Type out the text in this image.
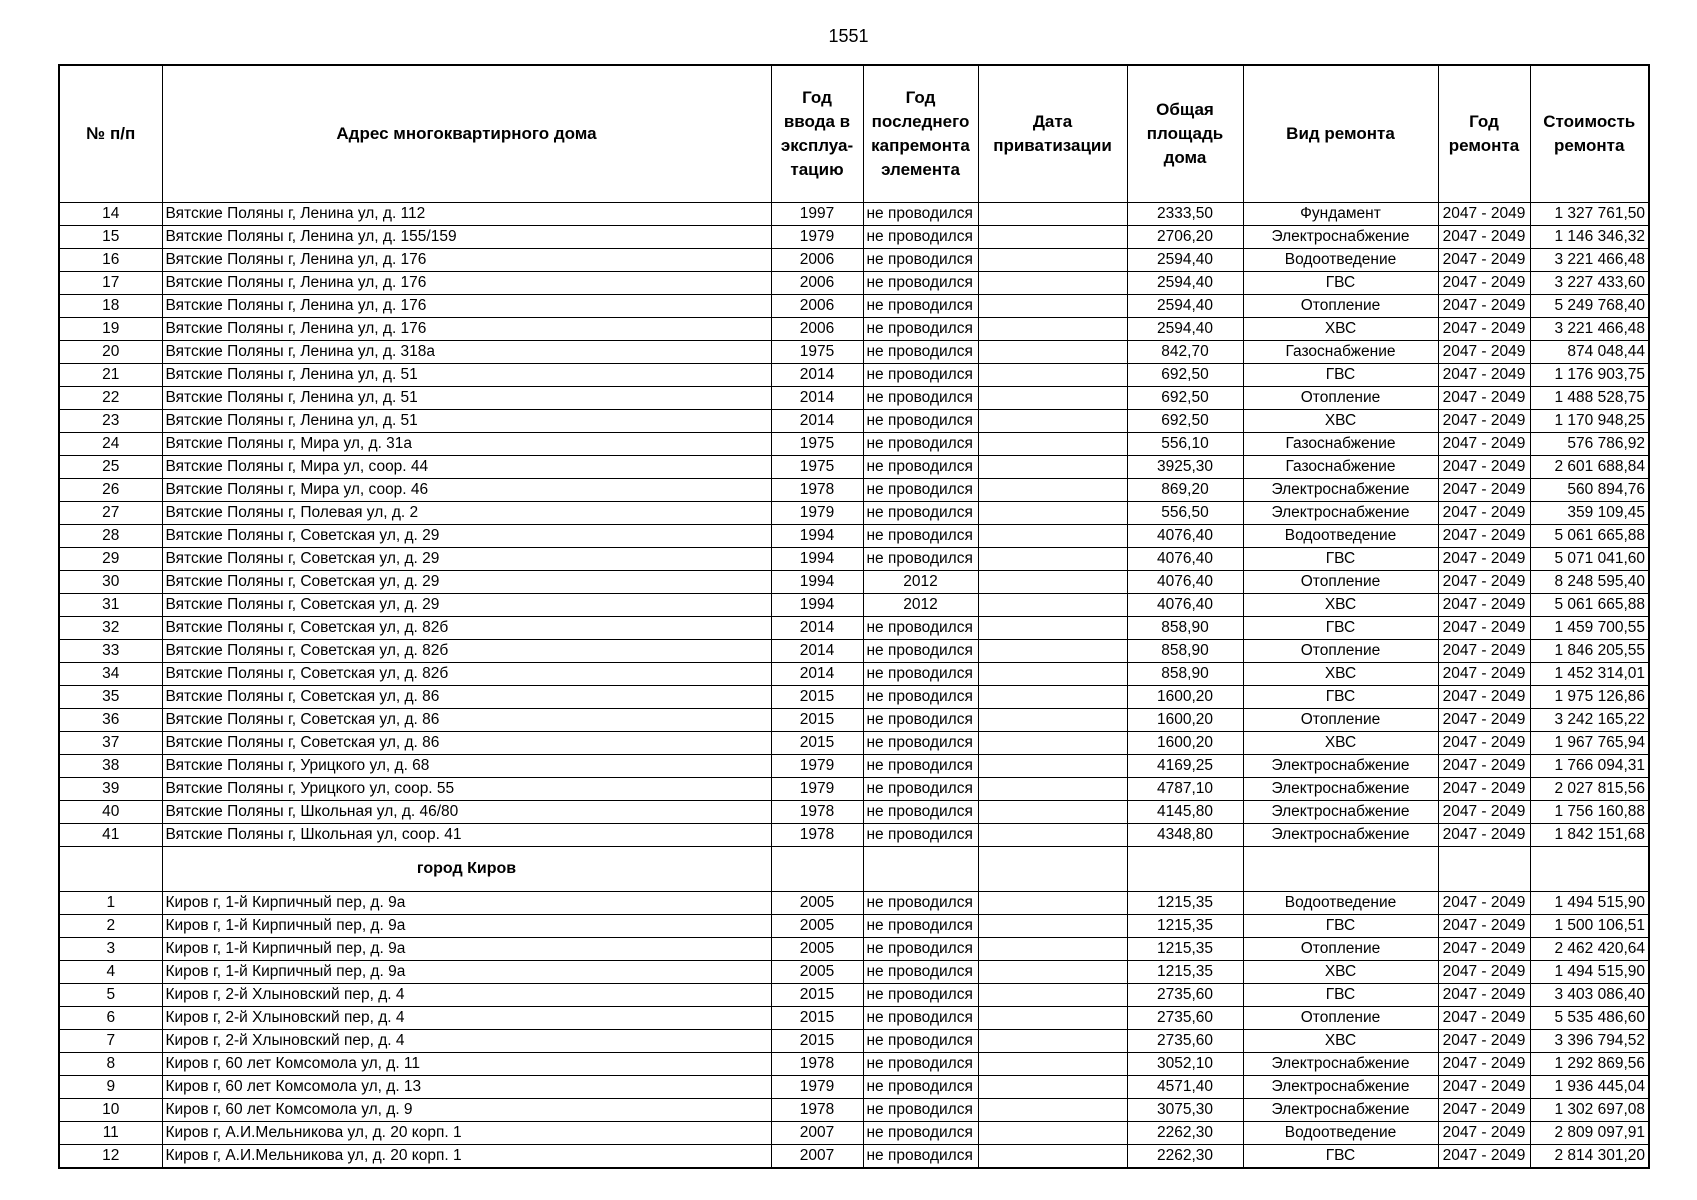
1551
№ п/п	Адрес многоквартирного дома	Год ввода в эксплуа-тацию	Год последнего капремонта элемента	Дата приватизации	Общая площадь дома	Вид ремонта	Год ремонта	Стоимость ремонта
14	Вятские Поляны г, Ленина ул, д. 112	1997	не проводился		2333,50	Фундамент	2047 - 2049	1 327 761,50
15	Вятские Поляны г, Ленина ул, д. 155/159	1979	не проводился		2706,20	Электроснабжение	2047 - 2049	1 146 346,32
16	Вятские Поляны г, Ленина ул, д. 176	2006	не проводился		2594,40	Водоотведение	2047 - 2049	3 221 466,48
17	Вятские Поляны г, Ленина ул, д. 176	2006	не проводился		2594,40	ГВС	2047 - 2049	3 227 433,60
18	Вятские Поляны г, Ленина ул, д. 176	2006	не проводился		2594,40	Отопление	2047 - 2049	5 249 768,40
19	Вятские Поляны г, Ленина ул, д. 176	2006	не проводился		2594,40	ХВС	2047 - 2049	3 221 466,48
20	Вятские Поляны г, Ленина ул, д. 318а	1975	не проводился		842,70	Газоснабжение	2047 - 2049	874 048,44
21	Вятские Поляны г, Ленина ул, д. 51	2014	не проводился		692,50	ГВС	2047 - 2049	1 176 903,75
22	Вятские Поляны г, Ленина ул, д. 51	2014	не проводился		692,50	Отопление	2047 - 2049	1 488 528,75
23	Вятские Поляны г, Ленина ул, д. 51	2014	не проводился		692,50	ХВС	2047 - 2049	1 170 948,25
24	Вятские Поляны г, Мира ул, д. 31а	1975	не проводился		556,10	Газоснабжение	2047 - 2049	576 786,92
25	Вятские Поляны г, Мира ул, соор. 44	1975	не проводился		3925,30	Газоснабжение	2047 - 2049	2 601 688,84
26	Вятские Поляны г, Мира ул, соор. 46	1978	не проводился		869,20	Электроснабжение	2047 - 2049	560 894,76
27	Вятские Поляны г, Полевая ул, д. 2	1979	не проводился		556,50	Электроснабжение	2047 - 2049	359 109,45
28	Вятские Поляны г, Советская ул, д. 29	1994	не проводился		4076,40	Водоотведение	2047 - 2049	5 061 665,88
29	Вятские Поляны г, Советская ул, д. 29	1994	не проводился		4076,40	ГВС	2047 - 2049	5 071 041,60
30	Вятские Поляны г, Советская ул, д. 29	1994	2012		4076,40	Отопление	2047 - 2049	8 248 595,40
31	Вятские Поляны г, Советская ул, д. 29	1994	2012		4076,40	ХВС	2047 - 2049	5 061 665,88
32	Вятские Поляны г, Советская ул, д. 82б	2014	не проводился		858,90	ГВС	2047 - 2049	1 459 700,55
33	Вятские Поляны г, Советская ул, д. 82б	2014	не проводился		858,90	Отопление	2047 - 2049	1 846 205,55
34	Вятские Поляны г, Советская ул, д. 82б	2014	не проводился		858,90	ХВС	2047 - 2049	1 452 314,01
35	Вятские Поляны г, Советская ул, д. 86	2015	не проводился		1600,20	ГВС	2047 - 2049	1 975 126,86
36	Вятские Поляны г, Советская ул, д. 86	2015	не проводился		1600,20	Отопление	2047 - 2049	3 242 165,22
37	Вятские Поляны г, Советская ул, д. 86	2015	не проводился		1600,20	ХВС	2047 - 2049	1 967 765,94
38	Вятские Поляны г, Урицкого ул, д. 68	1979	не проводился		4169,25	Электроснабжение	2047 - 2049	1 766 094,31
39	Вятские Поляны г, Урицкого ул, соор. 55	1979	не проводился		4787,10	Электроснабжение	2047 - 2049	2 027 815,56
40	Вятские Поляны г, Школьная ул, д. 46/80	1978	не проводился		4145,80	Электроснабжение	2047 - 2049	1 756 160,88
41	Вятские Поляны г, Школьная ул, соор. 41	1978	не проводился		4348,80	Электроснабжение	2047 - 2049	1 842 151,68
	город Киров							
1	Киров г, 1-й Кирпичный пер, д. 9а	2005	не проводился		1215,35	Водоотведение	2047 - 2049	1 494 515,90
2	Киров г, 1-й Кирпичный пер, д. 9а	2005	не проводился		1215,35	ГВС	2047 - 2049	1 500 106,51
3	Киров г, 1-й Кирпичный пер, д. 9а	2005	не проводился		1215,35	Отопление	2047 - 2049	2 462 420,64
4	Киров г, 1-й Кирпичный пер, д. 9а	2005	не проводился		1215,35	ХВС	2047 - 2049	1 494 515,90
5	Киров г, 2-й Хлыновский пер, д. 4	2015	не проводился		2735,60	ГВС	2047 - 2049	3 403 086,40
6	Киров г, 2-й Хлыновский пер, д. 4	2015	не проводился		2735,60	Отопление	2047 - 2049	5 535 486,60
7	Киров г, 2-й Хлыновский пер, д. 4	2015	не проводился		2735,60	ХВС	2047 - 2049	3 396 794,52
8	Киров г, 60 лет Комсомола ул, д. 11	1978	не проводился		3052,10	Электроснабжение	2047 - 2049	1 292 869,56
9	Киров г, 60 лет Комсомола ул, д. 13	1979	не проводился		4571,40	Электроснабжение	2047 - 2049	1 936 445,04
10	Киров г, 60 лет Комсомола ул, д. 9	1978	не проводился		3075,30	Электроснабжение	2047 - 2049	1 302 697,08
11	Киров г, А.И.Мельникова ул, д. 20 корп. 1	2007	не проводился		2262,30	Водоотведение	2047 - 2049	2 809 097,91
12	Киров г, А.И.Мельникова ул, д. 20 корп. 1	2007	не проводился		2262,30	ГВС	2047 - 2049	2 814 301,20
